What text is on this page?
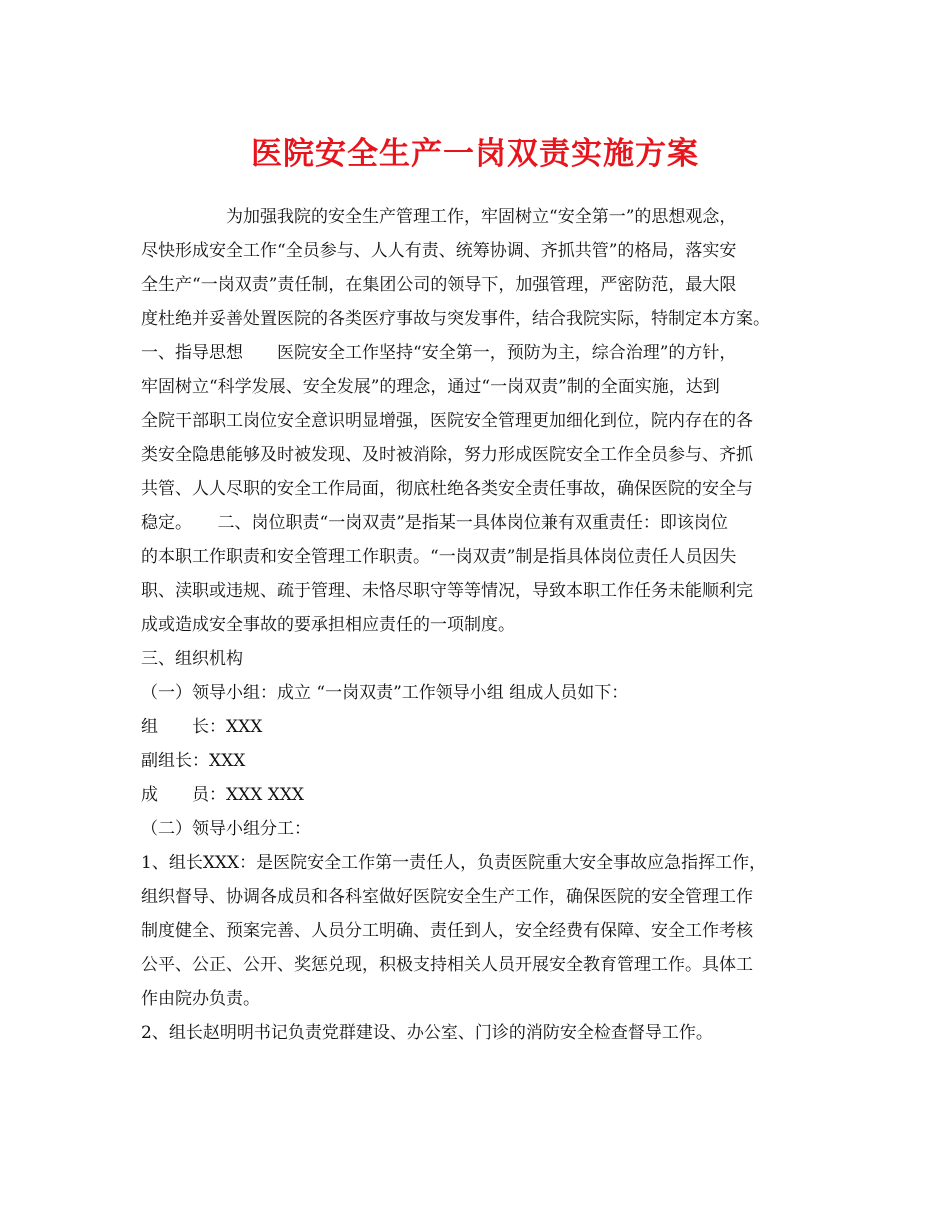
医院安全生产一岗双责实施方案
　　　　　为加强我院的安全生产管理工作，牢固树立“安全第一”的思想观念，
尽快形成安全工作“全员参与、人人有责、统筹协调、齐抓共管”的格局，落实安
全生产“一岗双责”责任制，在集团公司的领导下，加强管理，严密防范，最大限
度杜绝并妥善处置医院的各类医疗事故与突发事件，结合我院实际，特制定本方案。
一、指导思想　　医院安全工作坚持“安全第一，预防为主，综合治理”的方针，
牢固树立“科学发展、安全发展”的理念，通过“一岗双责”制的全面实施，达到
全院干部职工岗位安全意识明显增强，医院安全管理更加细化到位，院内存在的各
类安全隐患能够及时被发现、及时被消除，努力形成医院安全工作全员参与、齐抓
共管、人人尽职的安全工作局面，彻底杜绝各类安全责任事故，确保医院的安全与
稳定。　　二、岗位职责“一岗双责”是指某一具体岗位兼有双重责任：即该岗位
的本职工作职责和安全管理工作职责。“一岗双责”制是指具体岗位责任人员因失
职、渎职或违规、疏于管理、未恪尽职守等等情况，导致本职工作任务未能顺利完
成或造成安全事故的要承担相应责任的一项制度。
三、组织机构
（一）领导小组：成立 “一岗双责”工作领导小组 组成人员如下：
组　　长：XXX
副组长：XXX
成　　员：XXX XXX
（二）领导小组分工：
1、组长XXX：是医院安全工作第一责任人，负责医院重大安全事故应急指挥工作，
组织督导、协调各成员和各科室做好医院安全生产工作，确保医院的安全管理工作
制度健全、预案完善、人员分工明确、责任到人，安全经费有保障、安全工作考核
公平、公正、公开、奖惩兑现，积极支持相关人员开展安全教育管理工作。具体工
作由院办负责。
2、组长赵明明书记负责党群建设、办公室、门诊的消防安全检查督导工作。
